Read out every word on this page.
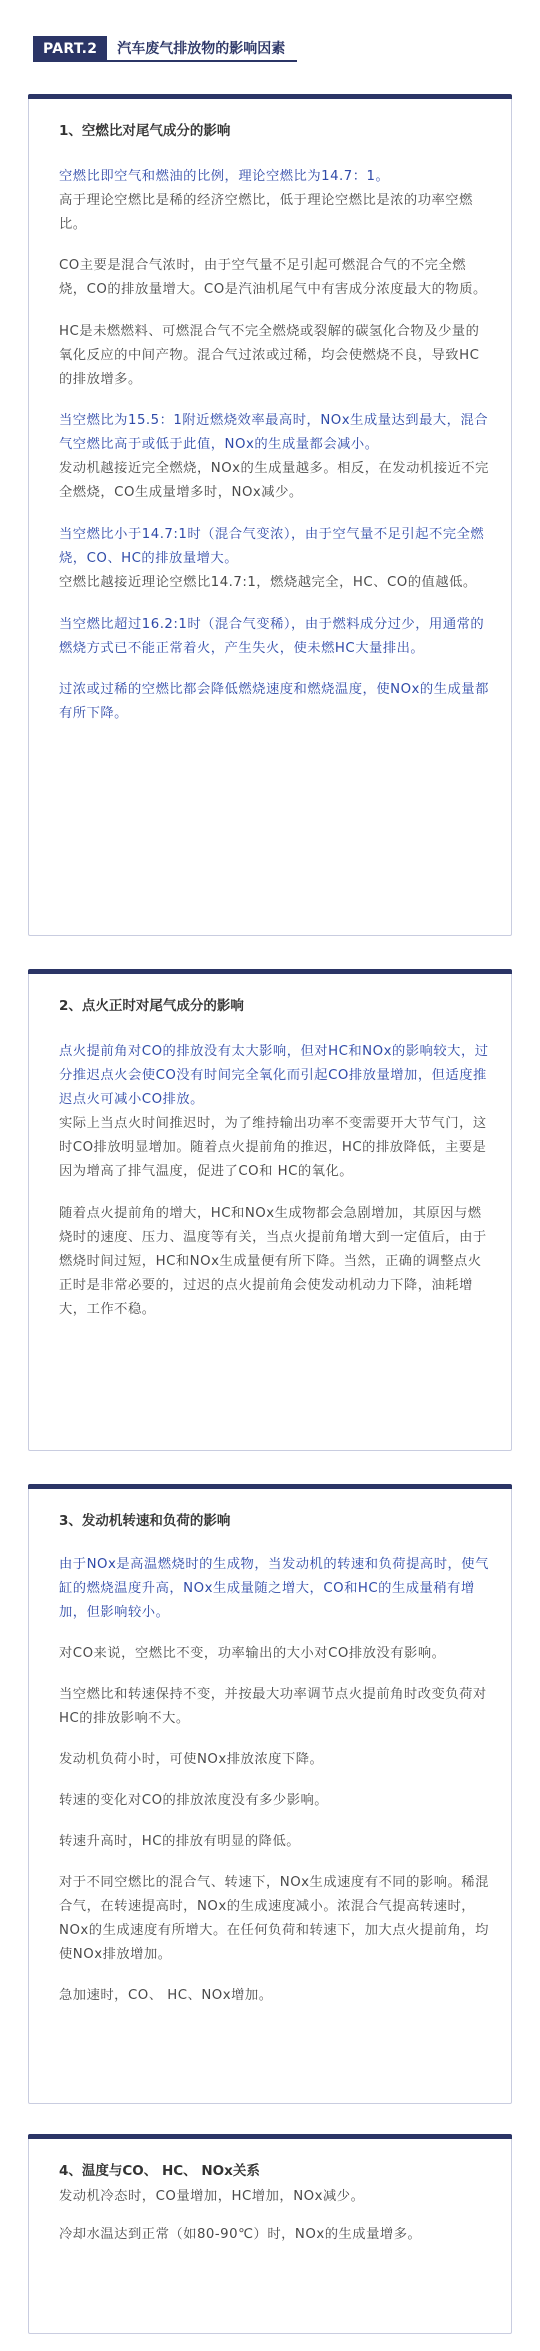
PART.2	汽车废气排放物的影响因素
1、空燃比对尾气成分的影响

空燃比即空气和燃油的比例，理论空燃比为14.7：1。

高于理论空燃比是稀的经济空燃比，低于理论空燃比是浓的功率空燃比。

CO主要是混合气浓时，由于空气量不足引起可燃混合气的不完全燃烧，CO的排放量增大。CO是汽油机尾气中有害成分浓度最大的物质。

HC是未燃燃料、可燃混合气不完全燃烧或裂解的碳氢化合物及少量的氧化反应的中间产物。混合气过浓或过稀，均会使燃烧不良，导致HC的排放增多。

当空燃比为15.5：1附近燃烧效率最高时，NOx生成量达到最大，混合气空燃比高于或低于此值，NOx的生成量都会减小。

发动机越接近完全燃烧，NOx的生成量越多。相反，在发动机接近不完全燃烧，CO生成量增多时，NOx减少。

当空燃比小于14.7:1时（混合气变浓），由于空气量不足引起不完全燃烧，CO、HC的排放量增大。

空燃比越接近理论空燃比14.7:1，燃烧越完全，HC、CO的值越低。

当空燃比超过16.2:1时（混合气变稀），由于燃料成分过少，用通常的燃烧方式已不能正常着火，产生失火，使未燃HC大量排出。

过浓或过稀的空燃比都会降低燃烧速度和燃烧温度，使NOx的生成量都有所下降。

2、点火正时对尾气成分的影响

点火提前角对CO的排放没有太大影响，但对HC和NOx的影响较大，过分推迟点火会使CO没有时间完全氧化而引起CO排放量增加，但适度推迟点火可减小CO排放。

实际上当点火时间推迟时，为了维持输出功率不变需要开大节气门，这时CO排放明显增加。随着点火提前角的推迟，HC的排放降低，主要是因为增高了排气温度，促进了CO和 HC的氧化。

随着点火提前角的增大，HC和NOx生成物都会急剧增加，其原因与燃烧时的速度、压力、温度等有关，当点火提前角增大到一定值后，由于燃烧时间过短，HC和NOx生成量便有所下降。当然，正确的调整点火正时是非常必要的，过迟的点火提前角会使发动机动力下降，油耗增大，工作不稳。

3、发动机转速和负荷的影响

由于NOx是高温燃烧时的生成物，当发动机的转速和负荷提高时，使气缸的燃烧温度升高，NOx生成量随之增大，CO和HC的生成量稍有增加，但影响较小。

对CO来说，空燃比不变，功率输出的大小对CO排放没有影响。

当空燃比和转速保持不变，并按最大功率调节点火提前角时改变负荷对HC的排放影响不大。

发动机负荷小时，可使NOx排放浓度下降。

转速的变化对CO的排放浓度没有多少影响。

转速升高时，HC的排放有明显的降低。

对于不同空燃比的混合气、转速下，NOx生成速度有不同的影响。稀混合气，在转速提高时，NOx的生成速度减小。浓混合气提高转速时，NOx的生成速度有所增大。在任何负荷和转速下，加大点火提前角，均使NOx排放增加。

急加速时，CO、 HC、NOx增加。

4、温度与CO、 HC、 NOx关系

发动机冷态时，CO量增加，HC增加，NOx减少。

冷却水温达到正常（如80-90℃）时，NOx的生成量增多。
